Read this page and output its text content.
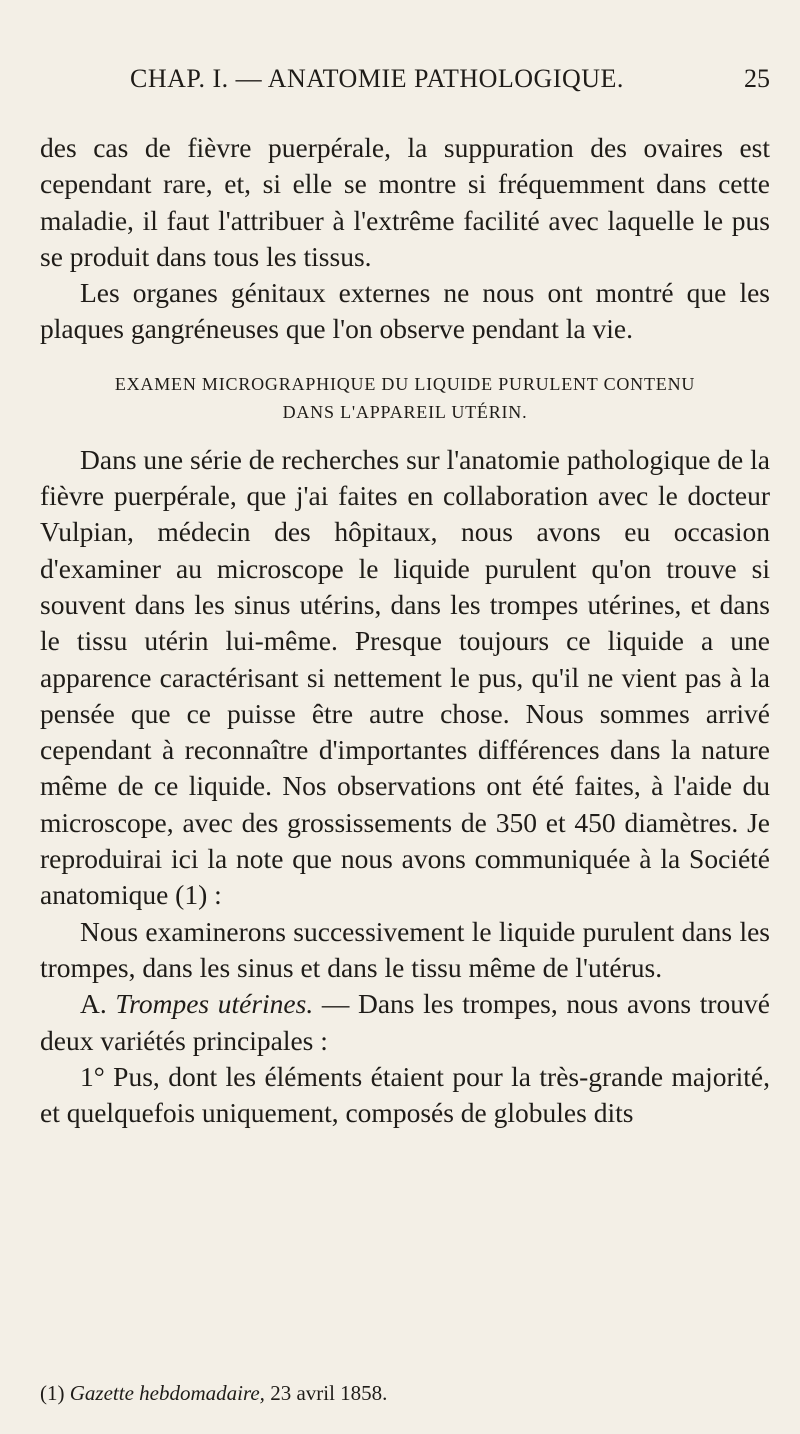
CHAP. I. — ANATOMIE PATHOLOGIQUE.	25

des cas de fièvre puerpérale, la suppuration des ovaires est cependant rare, et, si elle se montre si fréquemment dans cette maladie, il faut l'attribuer à l'extrême facilité avec laquelle le pus se produit dans tous les tissus.

Les organes génitaux externes ne nous ont montré que les plaques gangréneuses que l'on observe pendant la vie.

EXAMEN MICROGRAPHIQUE DU LIQUIDE PURULENT CONTENU
DANS L'APPAREIL UTÉRIN.

Dans une série de recherches sur l'anatomie pathologique de la fièvre puerpérale, que j'ai faites en collaboration avec le docteur Vulpian, médecin des hôpitaux, nous avons eu occasion d'examiner au microscope le liquide purulent qu'on trouve si souvent dans les sinus utérins, dans les trompes utérines, et dans le tissu utérin lui-même. Presque toujours ce liquide a une apparence caractérisant si nettement le pus, qu'il ne vient pas à la pensée que ce puisse être autre chose. Nous sommes arrivé cependant à reconnaître d'importantes différences dans la nature même de ce liquide. Nos observations ont été faites, à l'aide du microscope, avec des grossissements de 350 et 450 diamètres. Je reproduirai ici la note que nous avons communiquée à la Société anatomique (1) :

Nous examinerons successivement le liquide purulent dans les trompes, dans les sinus et dans le tissu même de l'utérus.

A. Trompes utérines. — Dans les trompes, nous avons trouvé deux variétés principales :

1° Pus, dont les éléments étaient pour la très-grande majorité, et quelquefois uniquement, composés de globules dits

(1) Gazette hebdomadaire, 23 avril 1858.
